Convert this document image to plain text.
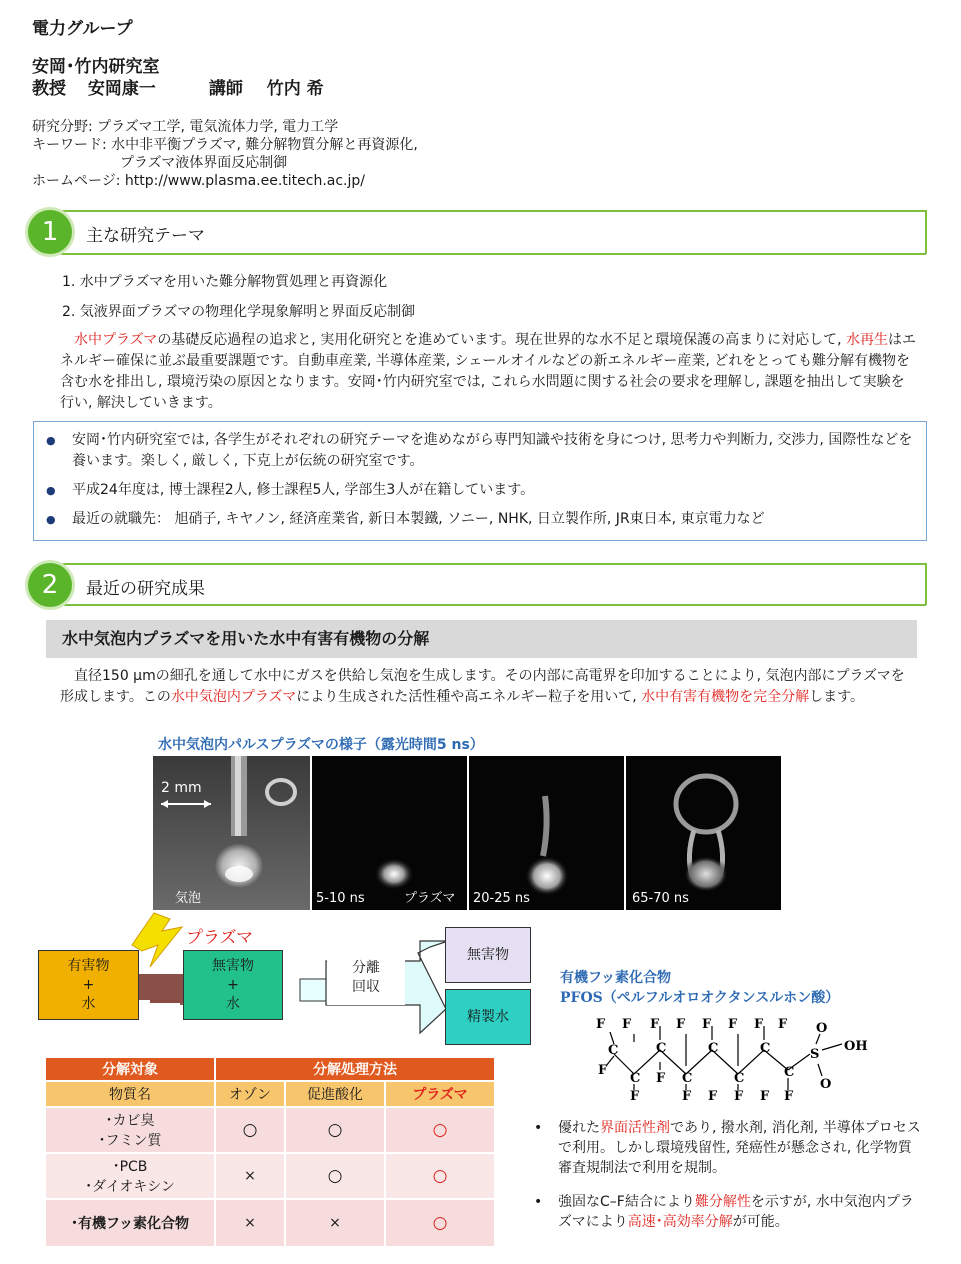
電力グループ
安岡･竹内研究室
教授 安岡康一	講師 竹内 希
研究分野: プラズマ工学, 電気流体力学, 電力工学
キーワード: 水中非平衡プラズマ, 難分解物質分解と再資源化,
プラズマ液体界面反応制御
ホームページ: http://www.plasma.ee.titech.ac.jp/
1	主な研究テーマ
1. 水中プラズマを用いた難分解物質処理と再資源化
2. 気液界面プラズマの物理化学現象解明と界面反応制御
水中プラズマの基礎反応過程の追求と, 実用化研究とを進めています。現在世界的な水不足と環境保護の高まりに対応して, 水再生はエネルギー確保に並ぶ最重要課題です。自動車産業, 半導体産業, シェールオイルなどの新エネルギー産業, どれをとっても難分解有機物を含む水を排出し, 環境汚染の原因となります。安岡･竹内研究室では, これら水問題に関する社会の要求を理解し, 課題を抽出して実験を行い, 解決していきます。
● 安岡･竹内研究室では, 各学生がそれぞれの研究テーマを進めながら専門知識や技術を身につけ, 思考力や判断力, 交渉力, 国際性などを養います。楽しく, 厳しく, 下克上が伝統の研究室です。
● 平成24年度は, 博士課程2人, 修士課程5人, 学部生3人が在籍しています。
● 最近の就職先： 旭硝子, キヤノン, 経済産業省, 新日本製鐵, ソニー, NHK, 日立製作所, JR東日本, 東京電力など
2	最近の研究成果
水中気泡内プラズマを用いた水中有害有機物の分解
直径150 μmの細孔を通して水中にガスを供給し気泡を生成します。その内部に高電界を印加することにより, 気泡内部にプラズマを形成します。この水中気泡内プラズマにより生成された活性種や高エネルギー粒子を用いて, 水中有害有機物を完全分解します。
水中気泡内パルスプラズマの様子（露光時間5 ns）
2 mm
気泡	5-10 ns	プラズマ 20-25 ns	65-70 ns
プラズマ
有害物
+
水
無害物
+
水
分離
回収
無害物
精製水
分解対象	分解処理方法		
物質名	オゾン	促進酸化	プラズマ

･カビ臭
･フミン質	○	○	○

･PCB
･ダイオキシン	×	○	○

･有機フッ素化合物	×	×	○
有機フッ素化合物
PFOS（ペルフルオロオクタンスルホン酸）
F F F F F F F F
C
F
C
F
C
F C
F
C
F
C
F
C
F
C
F
S
O
O
OH
• 優れた界面活性剤であり, 撥水剤, 消化剤, 半導体プロセスで利用。しかし環境残留性, 発癌性が懸念され, 化学物質審査規制法で利用を規制。
• 強固なC–F結合により難分解性を示すが, 水中気泡内プラズマにより高速･高効率分解が可能。
